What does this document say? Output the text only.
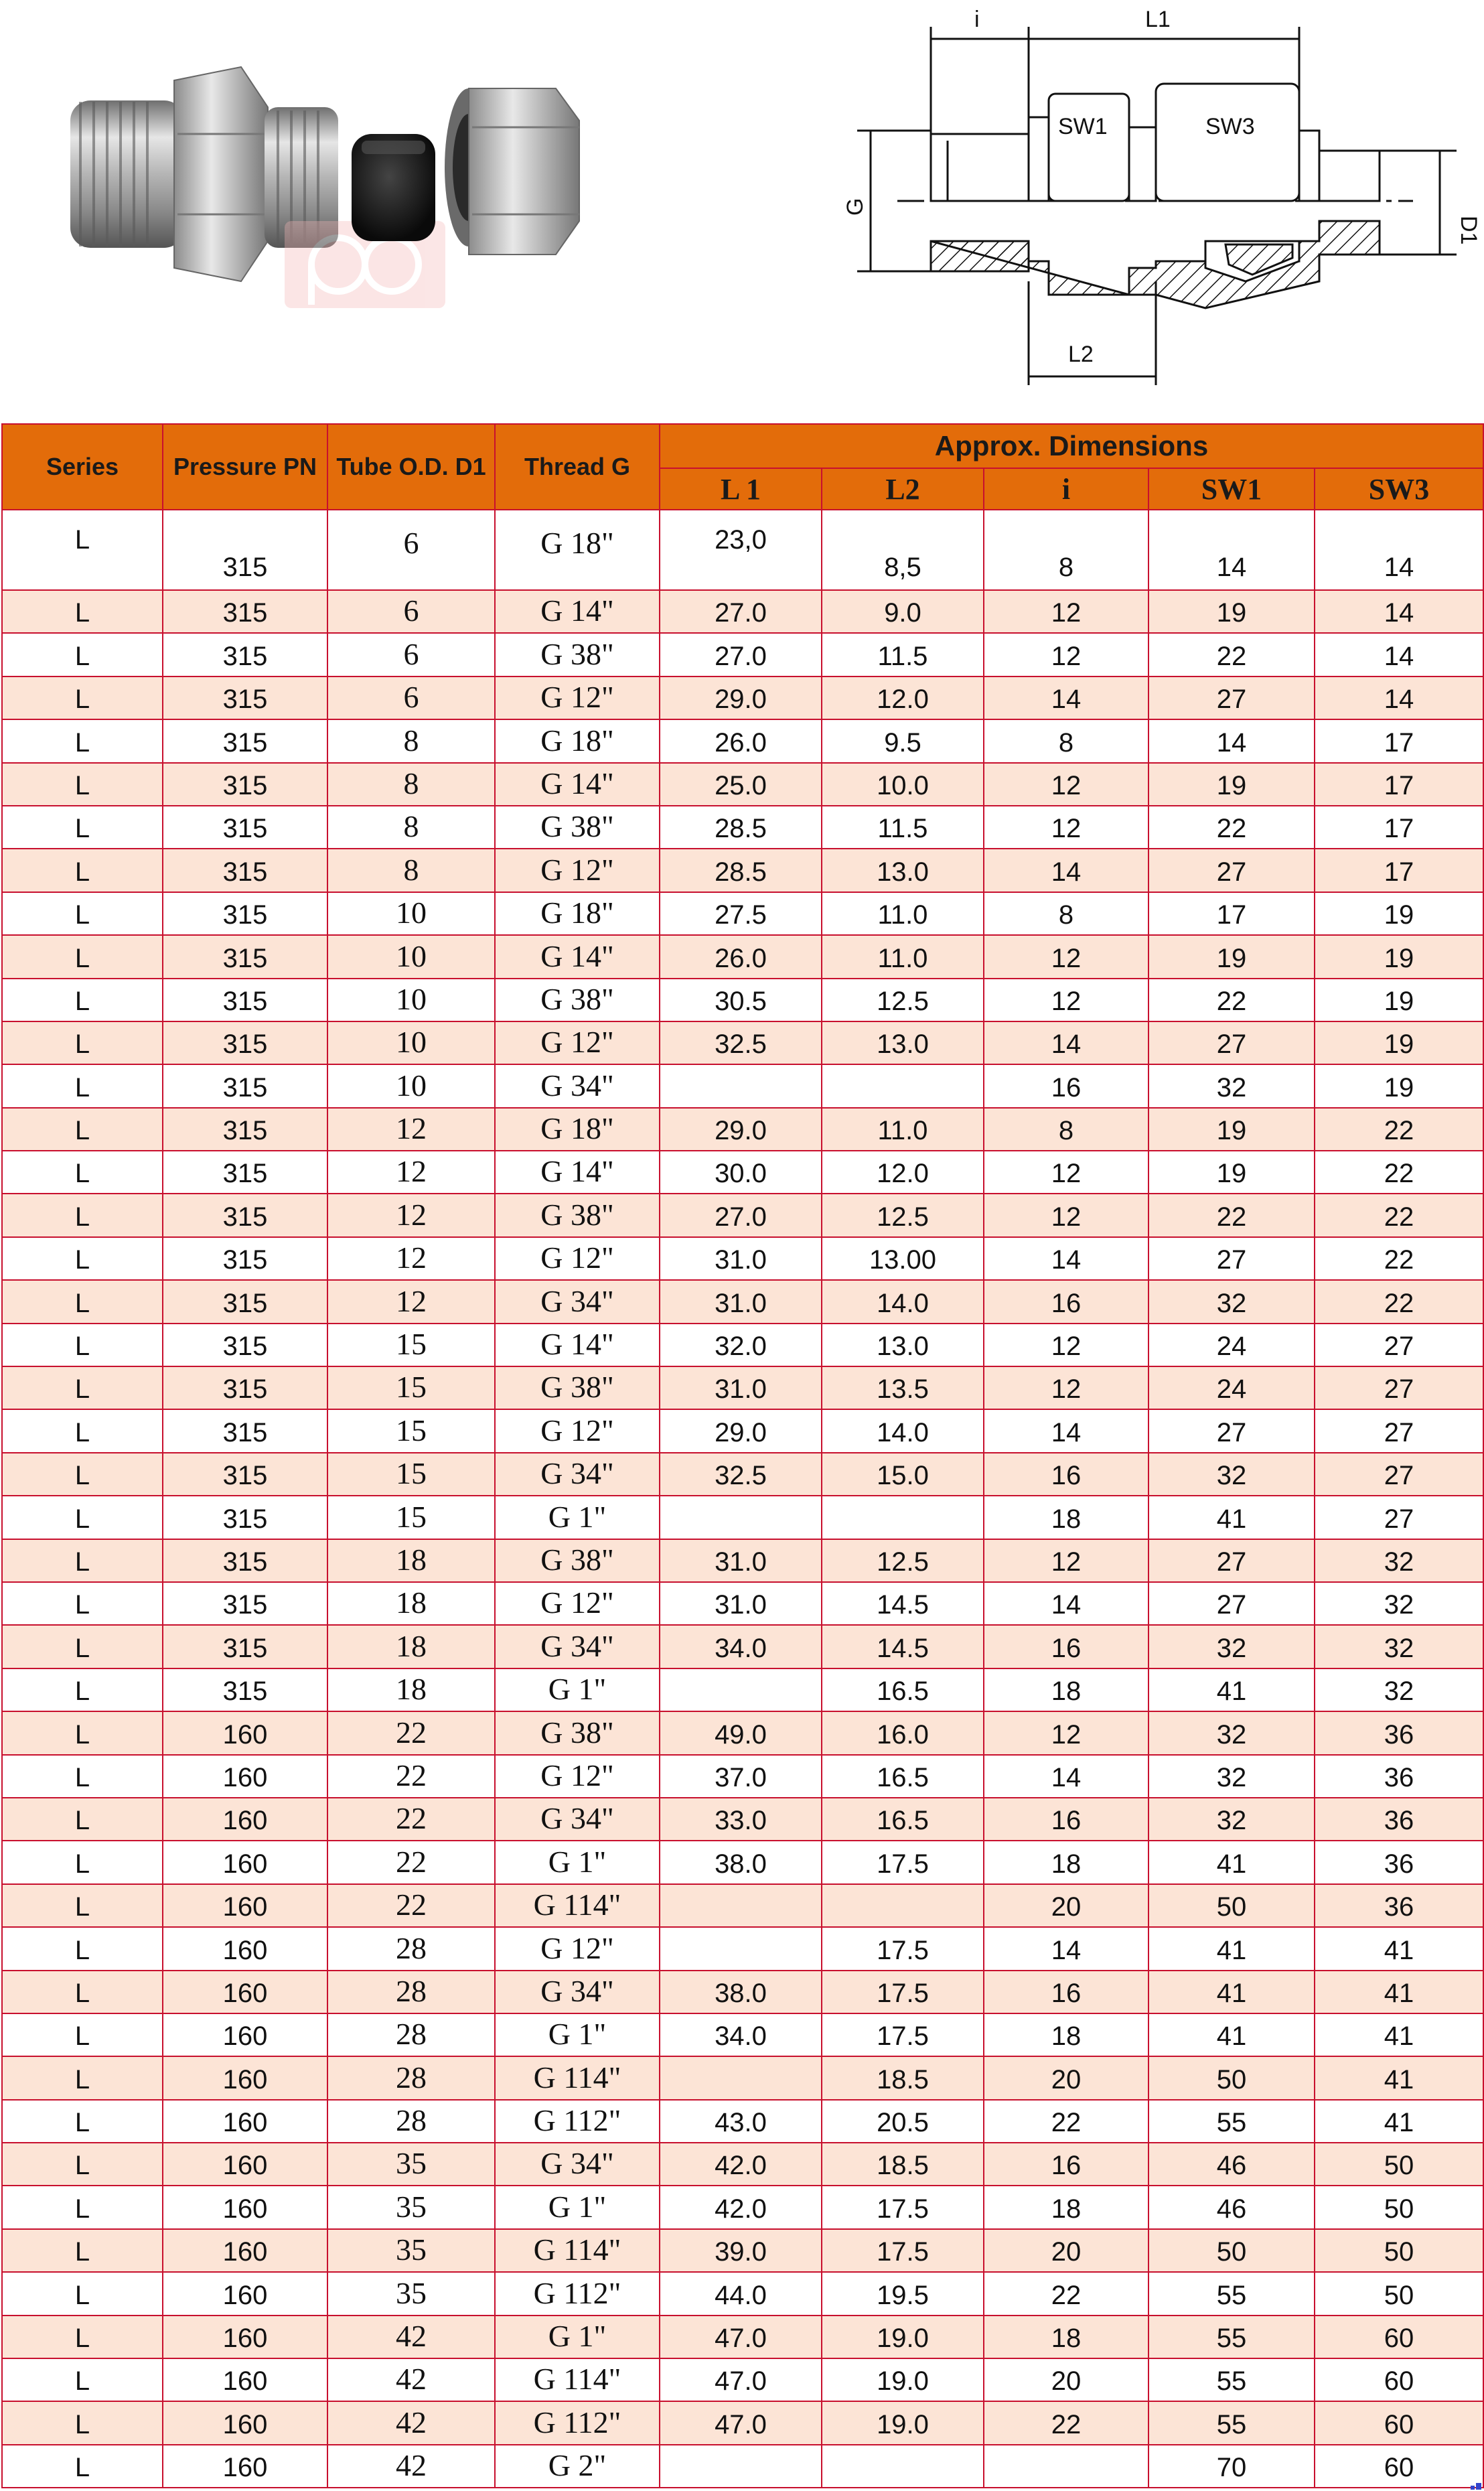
i	L1
SW1	SW3
L2
G
D1
Series	Pressure PN	Tube O.D. D1	Thread G	Approx. Dimensions				
				L 1	L2	i	SW1	SW3
L	315	6	G 18"	23,0	8,5	8	14	14
L	315	6	G 14"	27.0	9.0	12	19	14
L	315	6	G 38"	27.0	11.5	12	22	14
L	315	6	G 12"	29.0	12.0	14	27	14
L	315	8	G 18"	26.0	9.5	8	14	17
L	315	8	G 14"	25.0	10.0	12	19	17
L	315	8	G 38"	28.5	11.5	12	22	17
L	315	8	G 12"	28.5	13.0	14	27	17
L	315	10	G 18"	27.5	11.0	8	17	19
L	315	10	G 14"	26.0	11.0	12	19	19
L	315	10	G 38"	30.5	12.5	12	22	19
L	315	10	G 12"	32.5	13.0	14	27	19
L	315	10	G 34"			16	32	19
L	315	12	G 18"	29.0	11.0	8	19	22
L	315	12	G 14"	30.0	12.0	12	19	22
L	315	12	G 38"	27.0	12.5	12	22	22
L	315	12	G 12"	31.0	13.00	14	27	22
L	315	12	G 34"	31.0	14.0	16	32	22
L	315	15	G 14"	32.0	13.0	12	24	27
L	315	15	G 38"	31.0	13.5	12	24	27
L	315	15	G 12"	29.0	14.0	14	27	27
L	315	15	G 34"	32.5	15.0	16	32	27
L	315	15	G 1"			18	41	27
L	315	18	G 38"	31.0	12.5	12	27	32
L	315	18	G 12"	31.0	14.5	14	27	32
L	315	18	G 34"	34.0	14.5	16	32	32
L	315	18	G 1"		16.5	18	41	32
L	160	22	G 38"	49.0	16.0	12	32	36
L	160	22	G 12"	37.0	16.5	14	32	36
L	160	22	G 34"	33.0	16.5	16	32	36
L	160	22	G 1"	38.0	17.5	18	41	36
L	160	22	G 114"			20	50	36
L	160	28	G 12"		17.5	14	41	41
L	160	28	G 34"	38.0	17.5	16	41	41
L	160	28	G 1"	34.0	17.5	18	41	41
L	160	28	G 114"		18.5	20	50	41
L	160	28	G 112"	43.0	20.5	22	55	41
L	160	35	G 34"	42.0	18.5	16	46	50
L	160	35	G 1"	42.0	17.5	18	46	50
L	160	35	G 114"	39.0	17.5	20	50	50
L	160	35	G 112"	44.0	19.5	22	55	50
L	160	42	G 1"	47.0	19.0	18	55	60
L	160	42	G 114"	47.0	19.0	20	55	60
L	160	42	G 112"	47.0	19.0	22	55	60
L	160	42	G 2"				70	60
